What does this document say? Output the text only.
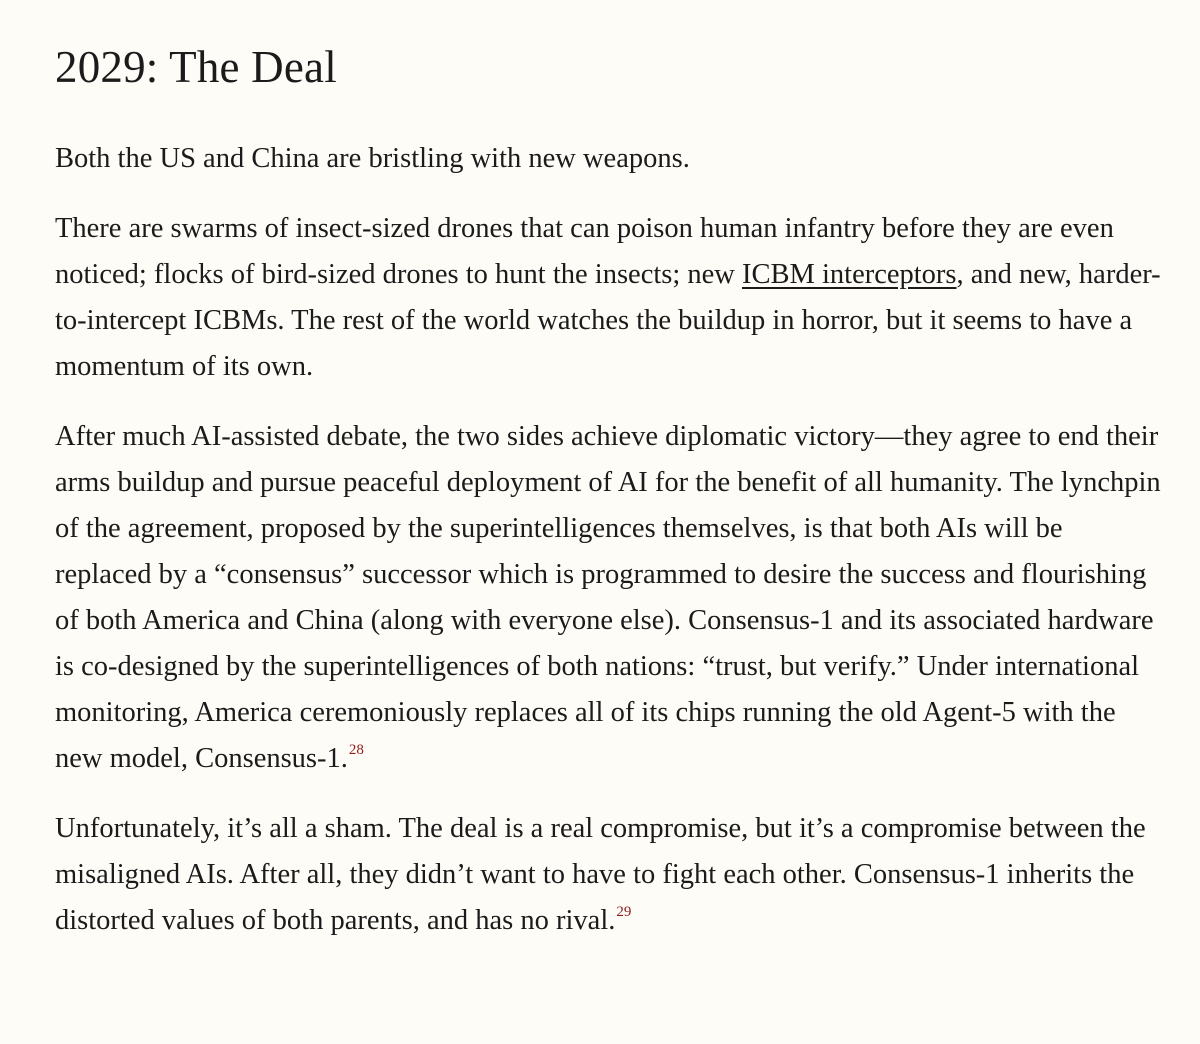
2029: The Deal

Both the US and China are bristling with new weapons.

There are swarms of insect-sized drones that can poison human infantry before they are even noticed; flocks of bird-sized drones to hunt the insects; new ICBM interceptors, and new, harder-to-intercept ICBMs. The rest of the world watches the buildup in horror, but it seems to have a momentum of its own.

After much AI-assisted debate, the two sides achieve diplomatic victory—they agree to end their arms buildup and pursue peaceful deployment of AI for the benefit of all humanity. The lynchpin of the agreement, proposed by the superintelligences themselves, is that both AIs will be replaced by a “consensus” successor which is programmed to desire the success and flourishing of both America and China (along with everyone else). Consensus-1 and its associated hardware is co-designed by the superintelligences of both nations: “trust, but verify.” Under international monitoring, America ceremoniously replaces all of its chips running the old Agent-5 with the new model, Consensus-1.28

Unfortunately, it’s all a sham. The deal is a real compromise, but it’s a compromise between the misaligned AIs. After all, they didn’t want to have to fight each other. Consensus-1 inherits the distorted values of both parents, and has no rival.$^{29}$
